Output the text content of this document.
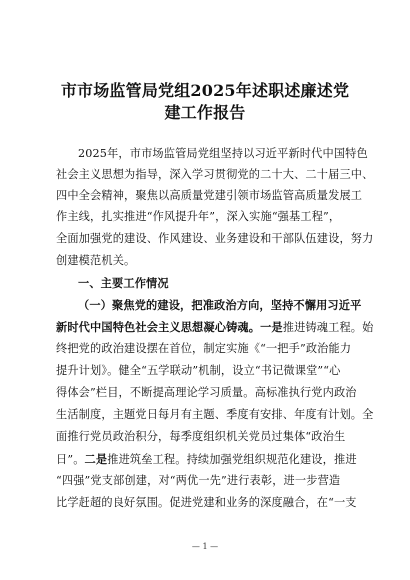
市市场监管局党组2025年述职述廉述党
建工作报告
2025年，市市场监管局党组坚持以习近平新时代中国特色
社会主义思想为指导，深入学习贯彻党的二十大、二十届三中、
四中全会精神，聚焦以高质量党建引领市场监管高质量发展工
作主线，扎实推进“作风提升年”，深入实施“强基工程”，
全面加强党的建设、作风建设、业务建设和干部队伍建设，努力
创建模范机关。
一、主要工作情况
（一）聚焦党的建设，把准政治方向，坚持不懈用习近平
新时代中国特色社会主义思想凝心铸魂。一是推进铸魂工程。始
终把党的政治建设摆在首位，制定实施《“一把手”政治能力
提升计划》。健全“五学联动”机制，设立“书记微课堂”“心
得体会”栏目，不断提高理论学习质量。高标准执行党内政治
生活制度，主题党日每月有主题、季度有安排、年度有计划。全
面推行党员政治积分，每季度组织机关党员过集体“政治生
日”。二是推进筑垒工程。持续加强党组织规范化建设，推进
“四强”党支部创建，对“两优一先”进行表彰，进一步营造
比学赶超的良好氛围。促进党建和业务的深度融合，在“一支
— 1 —
